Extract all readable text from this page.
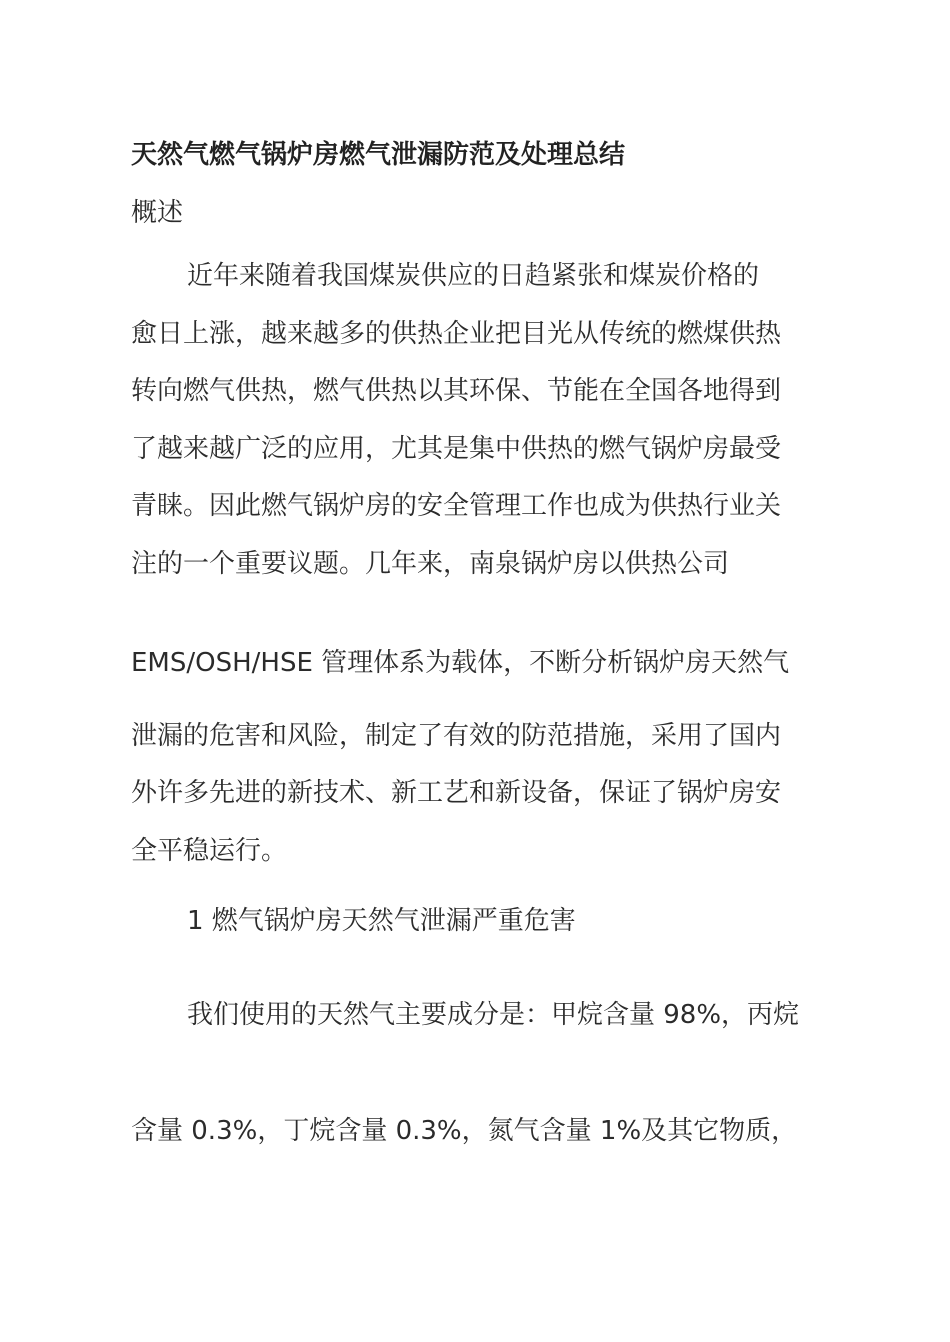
天然气燃气锅炉房燃气泄漏防范及处理总结
概述
近年来随着我国煤炭供应的日趋紧张和煤炭价格的
愈日上涨，越来越多的供热企业把目光从传统的燃煤供热
转向燃气供热，燃气供热以其环保、节能在全国各地得到
了越来越广泛的应用，尤其是集中供热的燃气锅炉房最受
青睐。因此燃气锅炉房的安全管理工作也成为供热行业关
注的一个重要议题。几年来，南泉锅炉房以供热公司
EMS/OSH/HSE 管理体系为载体，不断分析锅炉房天然气
泄漏的危害和风险，制定了有效的防范措施，采用了国内
外许多先进的新技术、新工艺和新设备，保证了锅炉房安
全平稳运行。
1 燃气锅炉房天然气泄漏严重危害
我们使用的天然气主要成分是：甲烷含量 98%，丙烷
含量 0.3%，丁烷含量 0.3%，氮气含量 1%及其它物质，
